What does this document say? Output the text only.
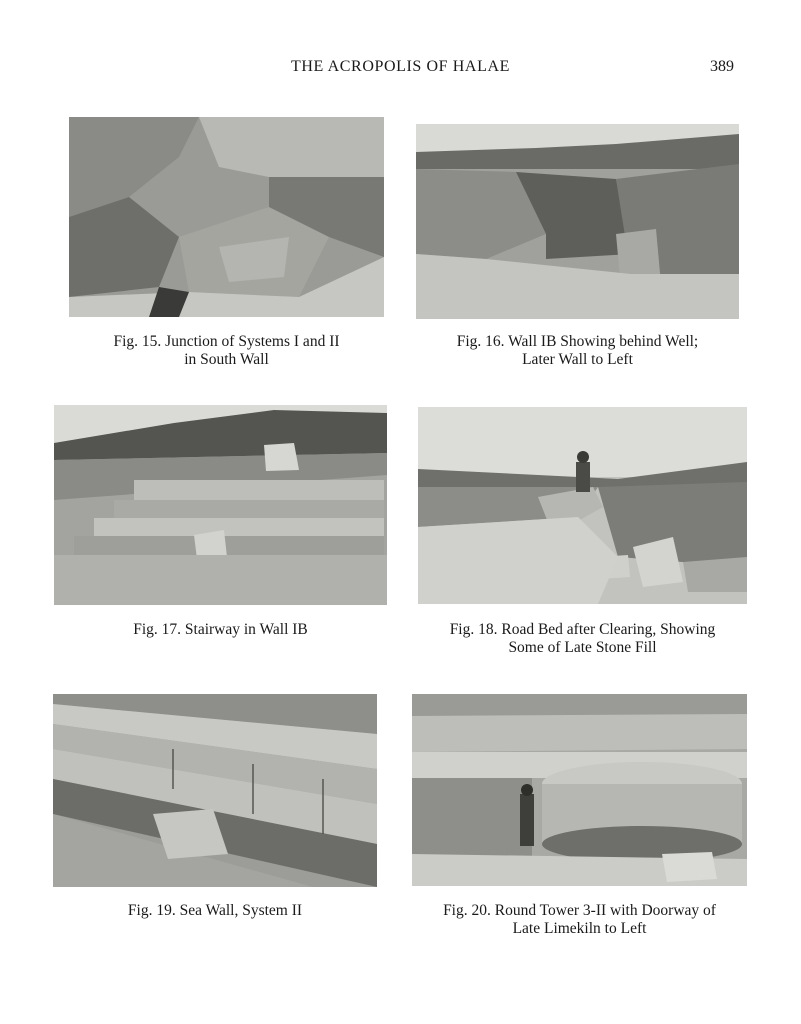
THE ACROPOLIS OF HALAE	389
Fig. 15. Junction of Systems I and II
in South Wall
Fig. 16. Wall IB Showing behind Well;
Later Wall to Left
Fig. 17. Stairway in Wall IB	Fig. 18. Road Bed after Clearing, Showing
Some of Late Stone Fill
Fig. 19. Sea Wall, System II	Fig. 20. Round Tower 3-II with Doorway of
Late Limekiln to Left
